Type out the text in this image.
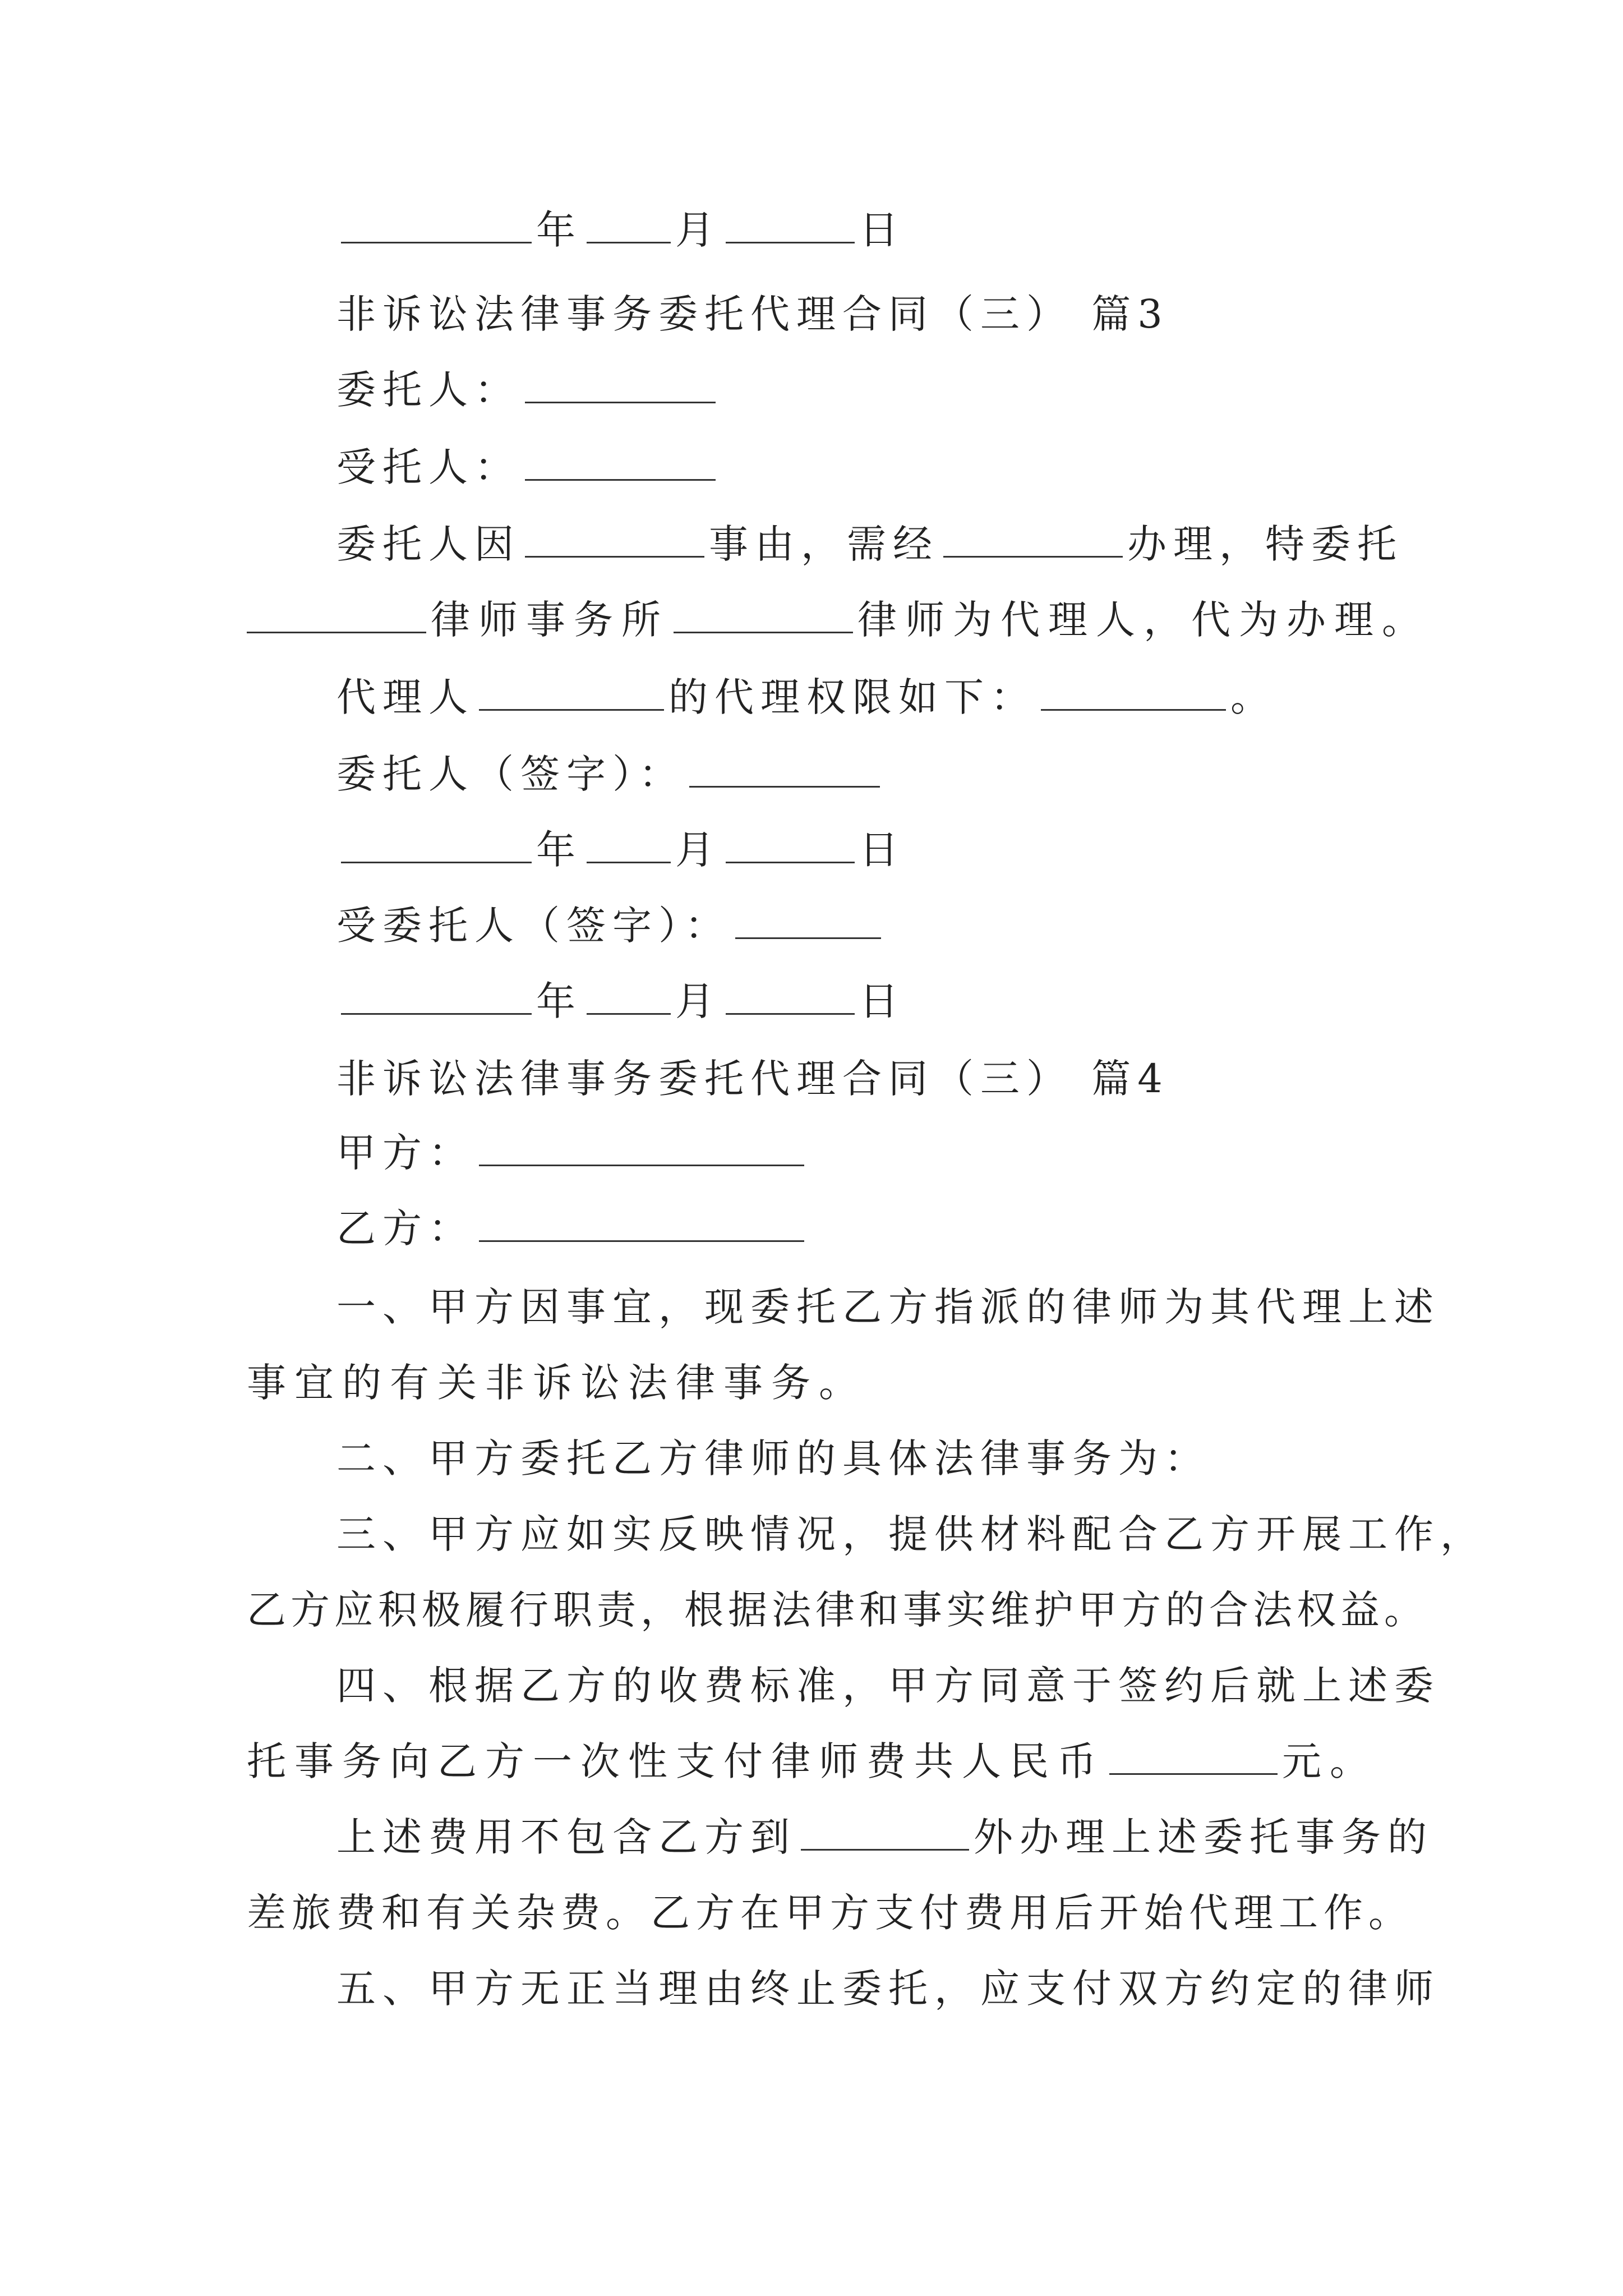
年 月	日
非诉讼法律事务委托代理合同（三） 篇3
委托人：
受托人：
委托人因	事由，需经	办理，特委托
律师事务所	律师为代理人，代为办理。
代理人	的代理权限如下：	。
委托人（签字）：
年 月	日
受委托人（签字）：
年 月	日
非诉讼法律事务委托代理合同（三） 篇4
甲方：
乙方：
一、甲方因事宜，现委托乙方指派的律师为其代理上述
事宜的有关非诉讼法律事务。
二、甲方委托乙方律师的具体法律事务为：
三、甲方应如实反映情况，提供材料配合乙方开展工作，
乙方应积极履行职责，根据法律和事实维护甲方的合法权益。
四、根据乙方的收费标准，甲方同意于签约后就上述委
托事务向乙方一次性支付律师费共人民币	元。
上述费用不包含乙方到	外办理上述委托事务的
差旅费和有关杂费。乙方在甲方支付费用后开始代理工作。
五、甲方无正当理由终止委托，应支付双方约定的律师
